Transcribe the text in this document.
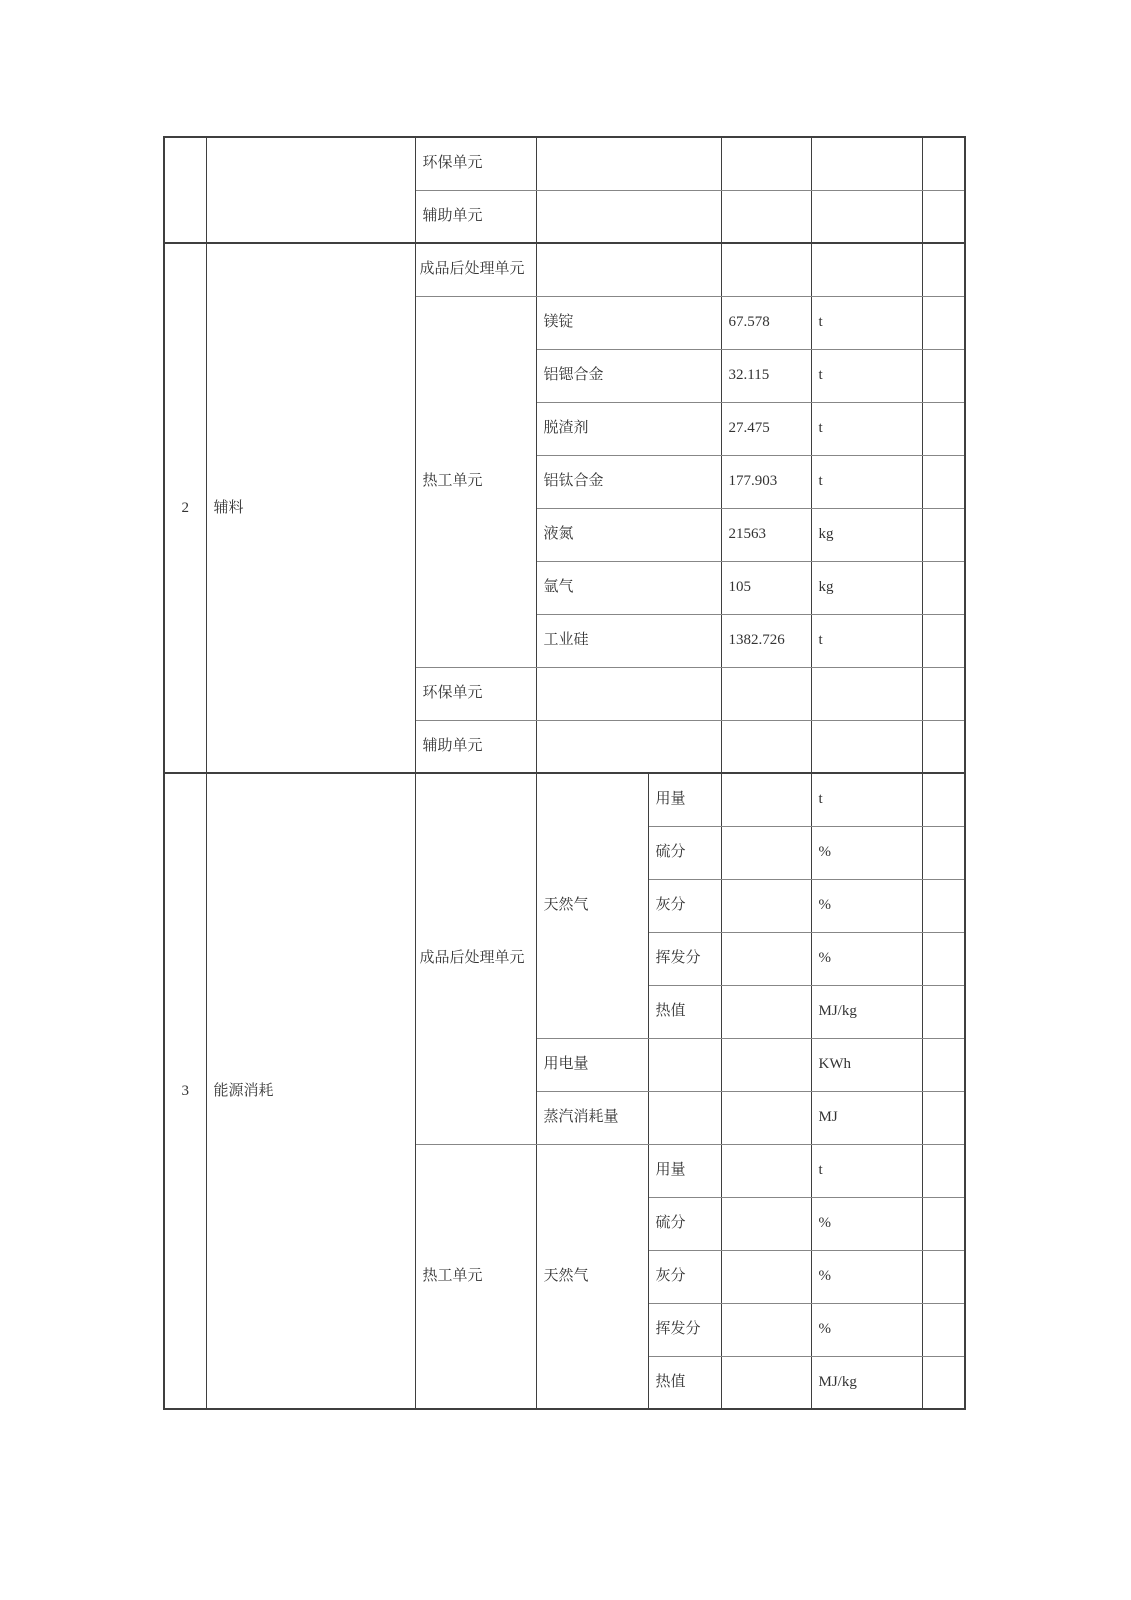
		环保单元					
		辅助单元					
2	辅料	成品后处理单元					
		热工单元	镁锭		67.578	t	
			铝锶合金		32.115	t	
			脱渣剂		27.475	t	
			铝钛合金		177.903	t	
			液氮		21563	kg	
			氩气		105	kg	
			工业硅		1382.726	t	
		环保单元					
		辅助单元					
3	能源消耗	成品后处理单元	天然气	用量		t	
				硫分		%	
				灰分		%	
				挥发分		%	
				热值		MJ/kg	
			用电量			KWh	
			蒸汽消耗量			MJ	
		热工单元	天然气	用量		t	
				硫分		%	
				灰分		%	
				挥发分		%	
				热值		MJ/kg	
